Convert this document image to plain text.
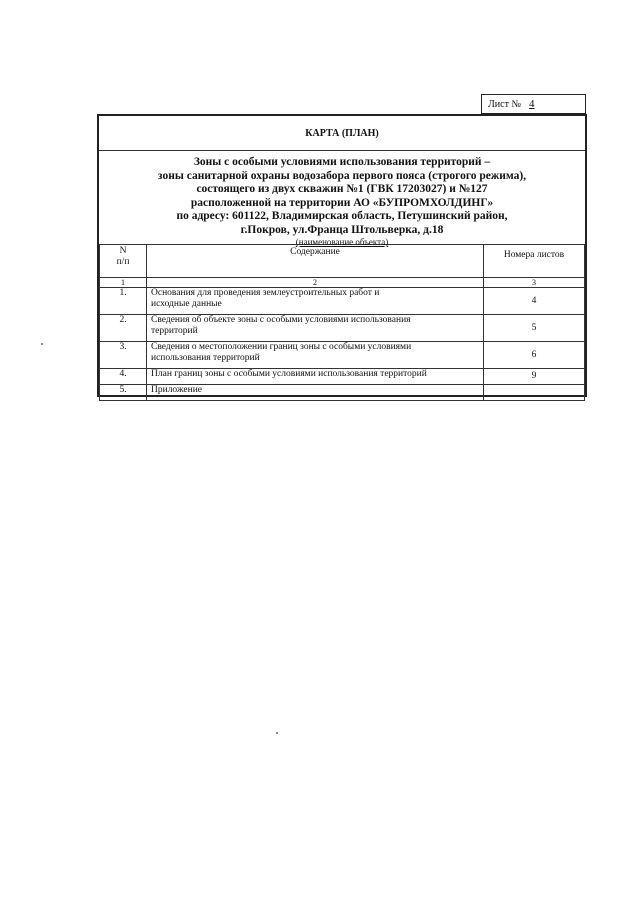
Лист № 4
КАРТА (ПЛАН)
Зоны с особыми условиями использования территорий –
зоны санитарной охраны водозабора первого пояса (строгого режима),
состоящего из двух скважин №1 (ГВК 17203027) и №127
расположенной на территории АО «БУПРОМХОЛДИНГ»
по адресу: 601122, Владимирская область, Петушинский район,
г.Покров, ул.Франца Штольверка, д.18
N
п/п	Содержание	Номера листов
1	2	3
1.	Основания для проведения землеустроительных работ и
исходные данные	4
2.	Сведения об объекте зоны с особыми условиями использования
территорий	5
3.	Сведения о местоположении границ зоны с особыми условиями
использования территорий	6
4.	План границ зоны с особыми условиями использования территорий	9
5.	Приложение	

(наименование объекта)
